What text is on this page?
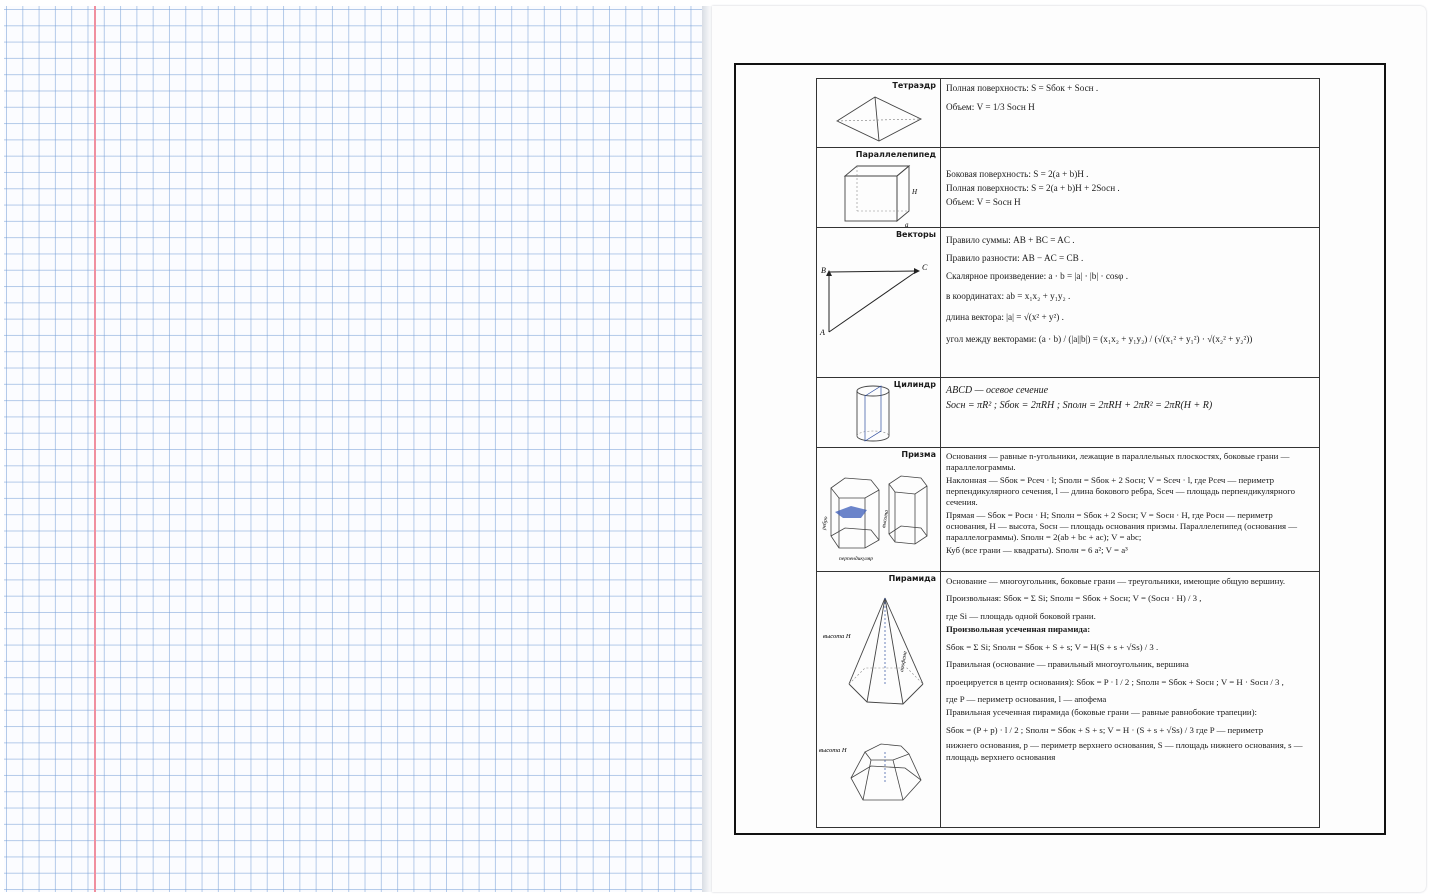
Тетраэдр Полная поверхность: S = Sбок + Sосн .

Объем: V = 1/3 Sосн H

Параллелепипед
H
a

Боковая поверхность: S = 2(a + b)H .

Полная поверхность: S = 2(a + b)H + 2Sосн .

Объем: V = Sосн H

Векторы
B	C
A

Правило суммы: AB + BC = AC .

Правило разности: AB − AC = CB .

Скалярное произведение: a · b = |a| · |b| · cosφ .

в координатах: ab = x₁x₂ + y₁y₂ .

длина вектора: |a| = √(x² + y²) .

угол между векторами: (a · b) / (|a||b|) = (x₁x₂ + y₁y₂) / (√(x₁² + y₁²) · √(x₂² + y₂²))

Цилиндр

ABCD — осевое сечение

Sосн = πR² ; Sбок = 2πRH ; Sполн = 2πRH + 2πR² = 2πR(H + R)

Призма
перпендикуляр
ребро	высота

Основания — равные n-угольники, лежащие в параллельных плоскостях, боковые грани — параллелограммы.

Наклонная — Sбок = Pсеч · l; Sполн = Sбок + 2 Sосн; V = Sсеч · l, где Pсеч — периметр перпендикулярного сечения, l — длина бокового ребра, Sсеч — площадь перпендикулярного сечения.

Прямая — Sбок = Pосн · H; Sполн = Sбок + 2 Sосн; V = Sосн · H, где Pосн — периметр основания, H — высота, Sосн — площадь основания призмы. Параллелепипед (основания — параллелограммы). Sполн = 2(ab + bc + ac); V = abc;

Куб (все грани — квадраты). Sполн = 6 a²; V = a³

Пирамида
высота H
апофема
высота H

Основание — многоугольник, боковые грани — треугольники, имеющие общую вершину.

Произвольная: Sбок = Σ Si; Sполн = Sбок + Sосн; V = (Sосн · H) / 3 ,

где Si — площадь одной боковой грани.

Произвольная усеченная пирамида:

Sбок = Σ Si; Sполн = Sбок + S + s; V = H(S + s + √Ss) / 3 .

Правильная (основание — правильный многоугольник, вершина

проецируется в центр основания): Sбок = P · l / 2 ; Sполн = Sбок + Sосн ; V = H · Sосн / 3 ,

где P — периметр основания, l — апофема

Правильная усеченная пирамида (боковые грани — равные равнобокие трапеции):

Sбок = (P + p) · l / 2 ; Sполн = Sбок + S + s; V = H · (S + s + √Ss) / 3 где P — периметр

нижнего основания, p — периметр верхнего основания, S — площадь нижнего основания, s — площадь верхнего основания
